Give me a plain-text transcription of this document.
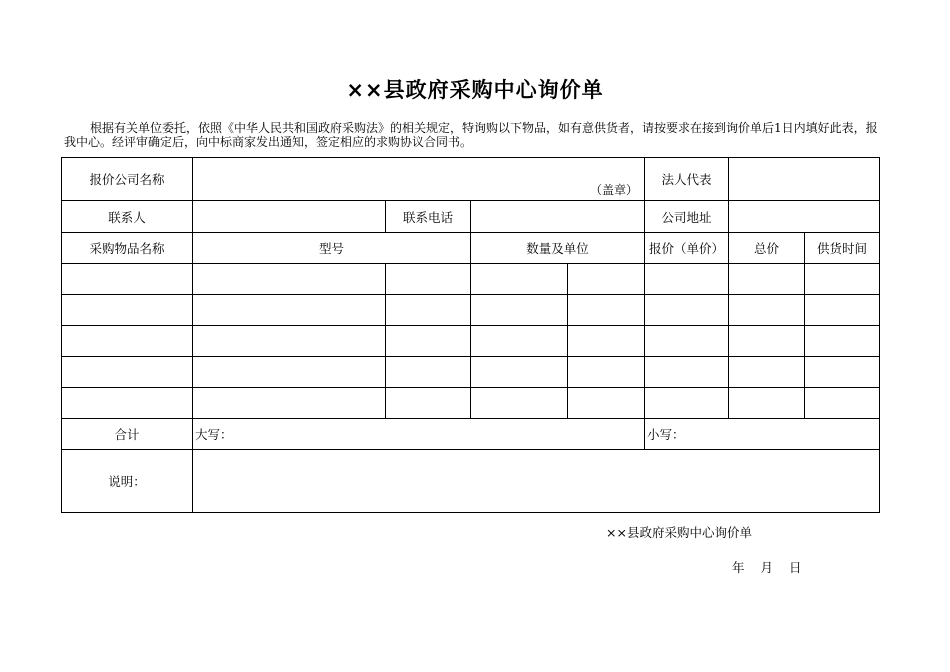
××县政府采购中心询价单
根据有关单位委托，依照《中华人民共和国政府采购法》的相关规定，特询购以下物品，如有意供货者，请按要求在接到询价单后1日内填好此表，报我中心。经评审确定后，向中标商家发出通知，签定相应的求购协议合同书。
报价公司名称	（盖章）				法人代表		
联系人		联系电话			公司地址		
采购物品名称	型号		数量及单位		报价（单价）	总价	供货时间

合计	大写：				小写：		
说明：							
××县政府采购中心询价单
年 月 日
